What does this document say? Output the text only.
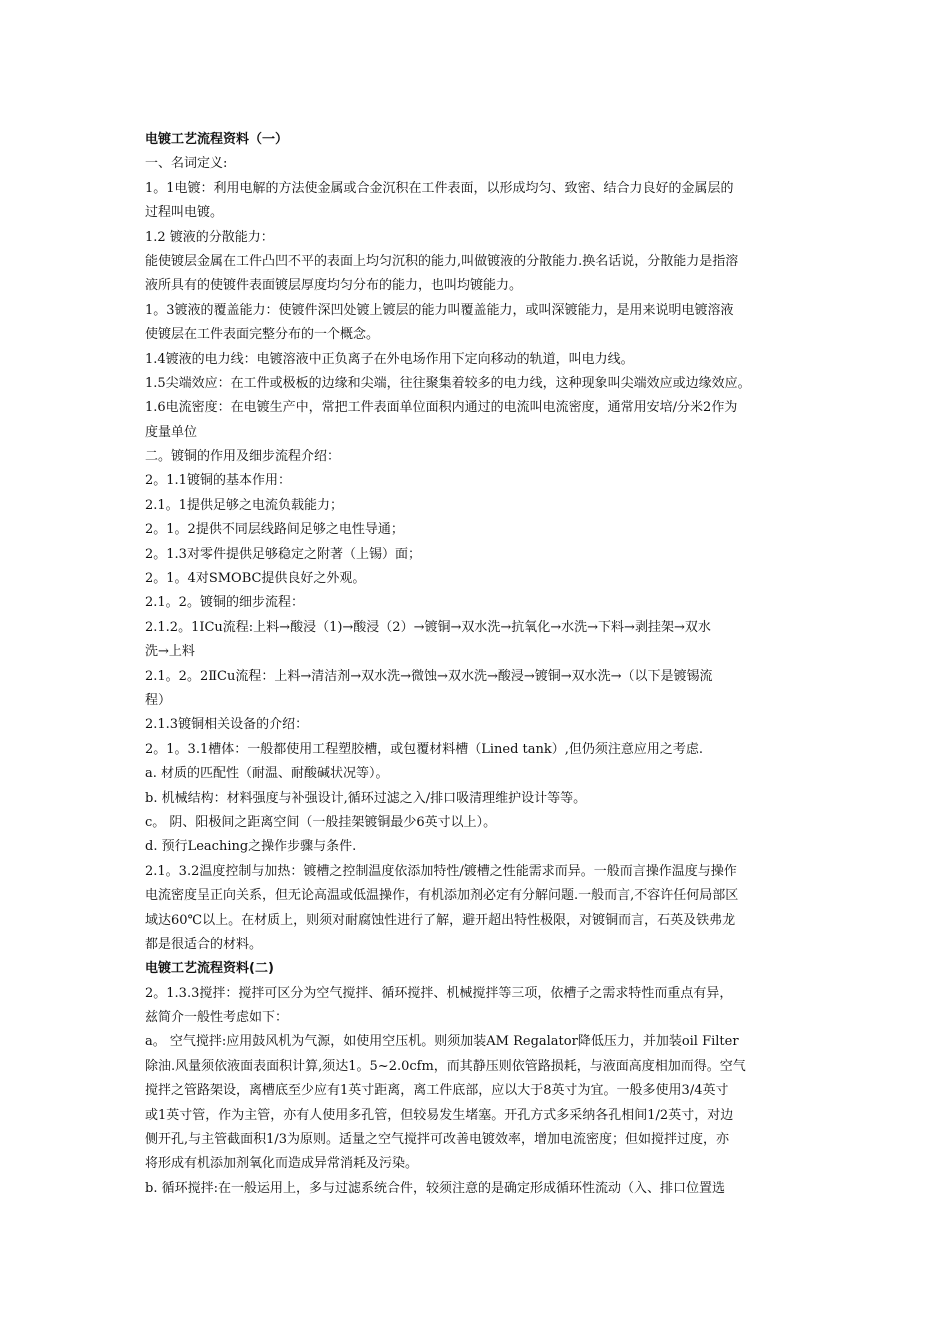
电镀工艺流程资料（一）
一、名词定义:
1。1电镀：利用电解的方法使金属或合金沉积在工件表面，以形成均匀、致密、结合力良好的金属层的
过程叫电镀。
1.2 镀液的分散能力：
能使镀层金属在工件凸凹不平的表面上均匀沉积的能力,叫做镀液的分散能力.换名话说，分散能力是指溶
液所具有的使镀件表面镀层厚度均匀分布的能力，也叫均镀能力。
1。3镀液的覆盖能力：使镀件深凹处镀上镀层的能力叫覆盖能力，或叫深镀能力，是用来说明电镀溶液
使镀层在工件表面完整分布的一个概念。
1.4镀液的电力线：电镀溶液中正负离子在外电场作用下定向移动的轨道，叫电力线。
1.5尖端效应：在工件或极板的边缘和尖端，往往聚集着较多的电力线，这种现象叫尖端效应或边缘效应。
1.6电流密度：在电镀生产中，常把工件表面单位面积内通过的电流叫电流密度，通常用安培/分米2作为
度量单位
二。镀铜的作用及细步流程介绍：
2。1.1镀铜的基本作用：
2.1。1提供足够之电流负载能力；
2。1。2提供不同层线路间足够之电性导通；
2。1.3对零件提供足够稳定之附著（上锡）面；
2。1。4对SMOBC提供良好之外观。
2.1。2。镀铜的细步流程：
2.1.2。1ⅠCu流程:上料→酸浸（1)→酸浸（2）→镀铜→双水洗→抗氧化→水洗→下料→剥挂架→双水
洗→上料
2.1。2。2ⅡCu流程：上料→清洁剂→双水洗→微蚀→双水洗→酸浸→镀铜→双水洗→（以下是镀锡流
程）
2.1.3镀铜相关设备的介绍：
2。1。3.1槽体：一般都使用工程塑胶槽，或包覆材料槽（Lined tank）,但仍须注意应用之考虑.
a. 材质的匹配性（耐温、耐酸碱状况等）。
b. 机械结构：材料强度与补强设计,循环过滤之入/排口吸清理维护设计等等。
c。 阴、阳极间之距离空间（一般挂架镀铜最少6英寸以上）。
d. 预行Leaching之操作步骤与条件.
2.1。3.2温度控制与加热：镀槽之控制温度依添加特性/镀槽之性能需求而异。一般而言操作温度与操作
电流密度呈正向关系，但无论高温或低温操作，有机添加剂必定有分解问题.一般而言,不容许任何局部区
域达60℃以上。在材质上，则须对耐腐蚀性进行了解，避开超出特性极限，对镀铜而言，石英及铁弗龙
都是很适合的材料。
电镀工艺流程资料(二)
2。1.3.3搅拌：搅拌可区分为空气搅拌、循环搅拌、机械搅拌等三项，依槽子之需求特性而重点有异，
兹简介一般性考虑如下：
a。 空气搅拌:应用鼓风机为气源，如使用空压机。则须加装AM Regalator降低压力，并加装oil Filter
除油.风量须依液面表面积计算,须达1。5~2.0cfm，而其静压则依管路损耗，与液面高度相加而得。空气
搅拌之管路架设，离槽底至少应有1英寸距离，离工件底部，应以大于8英寸为宜。一般多使用3/4英寸
或1英寸管，作为主管，亦有人使用多孔管，但较易发生堵塞。开孔方式多采纳各孔相间1/2英寸，对边
侧开孔,与主管截面积1/3为原则。适量之空气搅拌可改善电镀效率，增加电流密度；但如搅拌过度，亦
将形成有机添加剂氧化而造成异常消耗及污染。
b. 循环搅拌:在一般运用上，多与过滤系统合件，较须注意的是确定形成循环性流动（入、排口位置选
